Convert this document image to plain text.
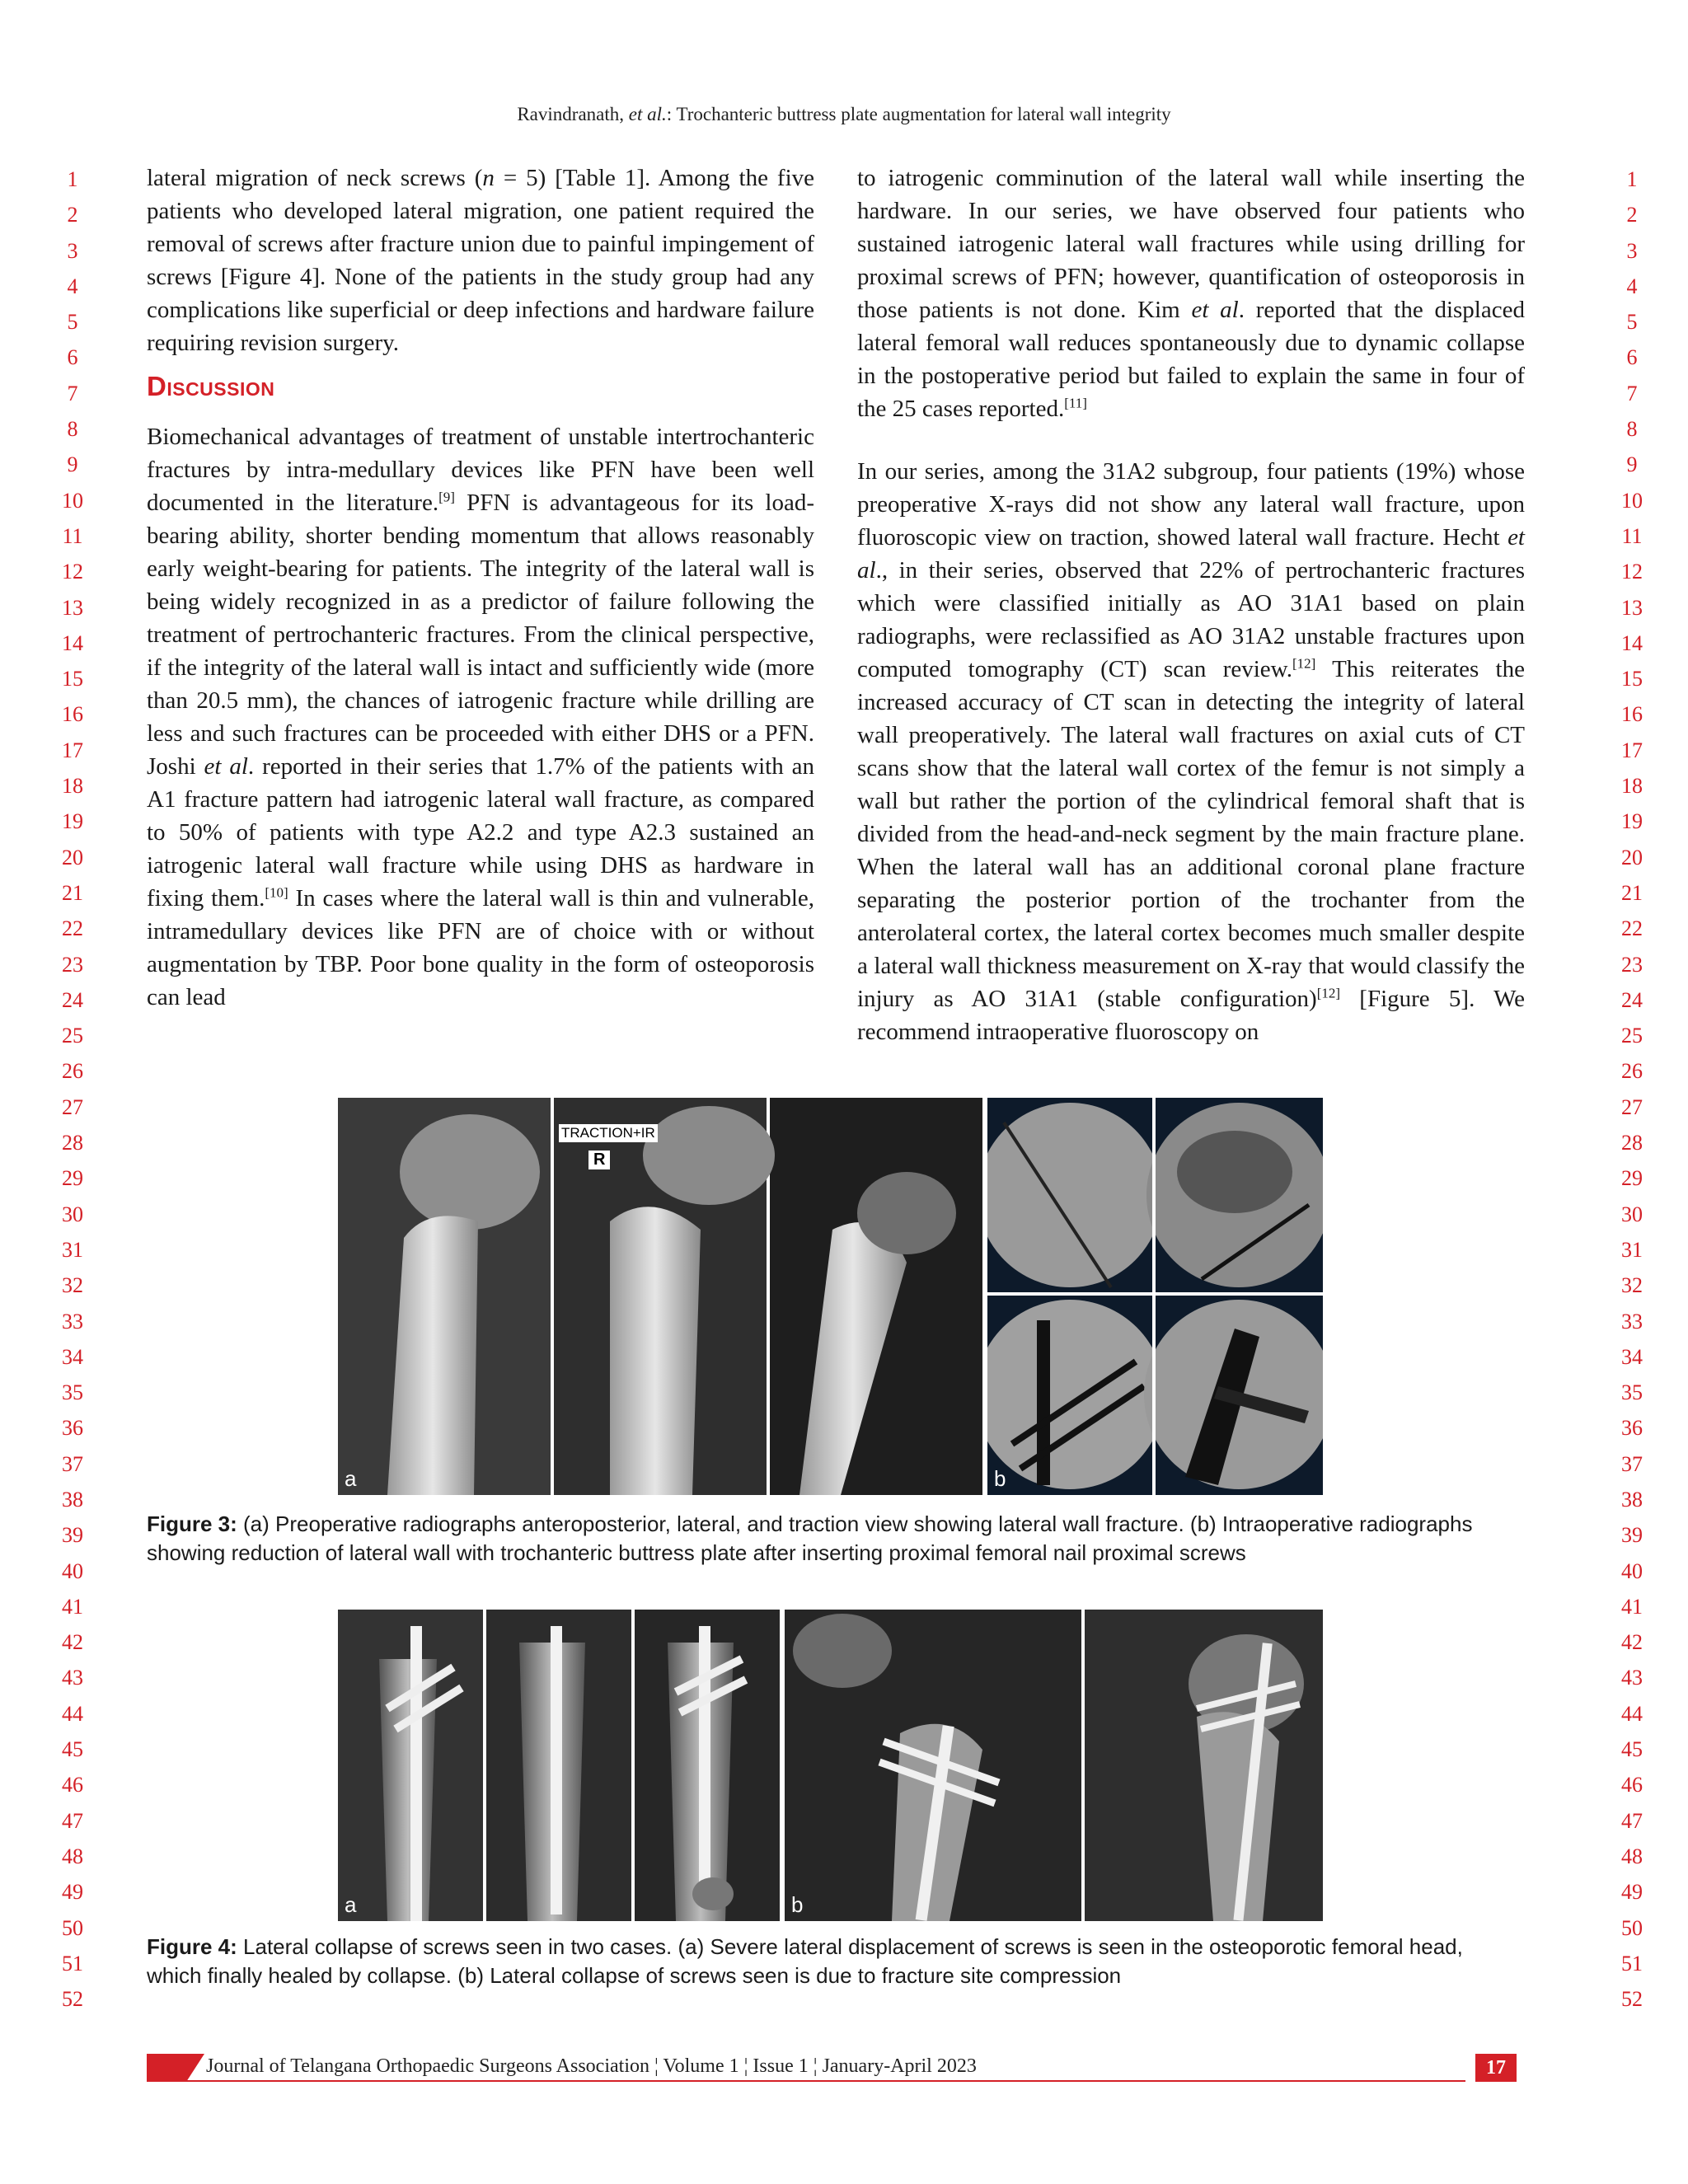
Ravindranath, et al.: Trochanteric buttress plate augmentation for lateral wall integrity
1
2
3
4
5
6
7
8
9
10
11
12
13
14
15
16
17
18
19
20
21
22
23
24
25
26
27
28
29
30
31
32
33
34
35
36
37
38
39
40
41
42
43
44
45
46
47
48
49
50
51
52
1
2
3
4
5
6
7
8
9
10
11
12
13
14
15
16
17
18
19
20
21
22
23
24
25
26
27
28
29
30
31
32
33
34
35
36
37
38
39
40
41
42
43
44
45
46
47
48
49
50
51
52

lateral migration of neck screws (n = 5) [Table 1]. Among the five patients who developed lateral migration, one patient required the removal of screws after fracture union due to painful impingement of screws [Figure 4]. None of the patients in the study group had any complications like superficial or deep infections and hardware failure requiring revision surgery.

Discussion

Biomechanical advantages of treatment of unstable intertrochanteric fractures by intra-medullary devices like PFN have been well documented in the literature.[9] PFN is advantageous for its load-bearing ability, shorter bending momentum that allows reasonably early weight-bearing for patients. The integrity of the lateral wall is being widely recognized in as a predictor of failure following the treatment of pertrochanteric fractures. From the clinical perspective, if the integrity of the lateral wall is intact and sufficiently wide (more than 20.5 mm), the chances of iatrogenic fracture while drilling are less and such fractures can be proceeded with either DHS or a PFN. Joshi et al. reported in their series that 1.7% of the patients with an A1 fracture pattern had iatrogenic lateral wall fracture, as compared to 50% of patients with type A2.2 and type A2.3 sustained an iatrogenic lateral wall fracture while using DHS as hardware in fixing them.[10] In cases where the lateral wall is thin and vulnerable, intramedullary devices like PFN are of choice with or without augmentation by TBP. Poor bone quality in the form of osteoporosis can lead

to iatrogenic comminution of the lateral wall while inserting the hardware. In our series, we have observed four patients who sustained iatrogenic lateral wall fractures while using drilling for proximal screws of PFN; however, quantification of osteoporosis in those patients is not done. Kim et al. reported that the displaced lateral femoral wall reduces spontaneously due to dynamic collapse in the postoperative period but failed to explain the same in four of the 25 cases reported.[11]

In our series, among the 31A2 subgroup, four patients (19%) whose preoperative X-rays did not show any lateral wall fracture, upon fluoroscopic view on traction, showed lateral wall fracture. Hecht et al., in their series, observed that 22% of pertrochanteric fractures which were classified initially as AO 31A1 based on plain radiographs, were reclassified as AO 31A2 unstable fractures upon computed tomography (CT) scan review.[12] This reiterates the increased accuracy of CT scan in detecting the integrity of lateral wall preoperatively. The lateral wall fractures on axial cuts of CT scans show that the lateral wall cortex of the femur is not simply a wall but rather the portion of the cylindrical femoral shaft that is divided from the head-and-neck segment by the main fracture plane. When the lateral wall has an additional coronal plane fracture separating the posterior portion of the trochanter from the anterolateral cortex, the lateral cortex becomes much smaller despite a lateral wall thickness measurement on X-ray that would classify the injury as AO 31A1 (stable configuration)[12] [Figure 5]. We recommend intraoperative fluoroscopy on

TRACTION+IR
R
a	b
Figure 3: (a) Preoperative radiographs anteroposterior, lateral, and traction view showing lateral wall fracture. (b) Intraoperative radiographs showing reduction of lateral wall with trochanteric buttress plate after inserting proximal femoral nail proximal screws
a	b
Figure 4: Lateral collapse of screws seen in two cases. (a) Severe lateral displacement of screws is seen in the osteoporotic femoral head, which finally healed by collapse. (b) Lateral collapse of screws seen is due to fracture site compression
Journal of Telangana Orthopaedic Surgeons Association ¦ Volume 1 ¦ Issue 1 ¦ January-April 2023	17
